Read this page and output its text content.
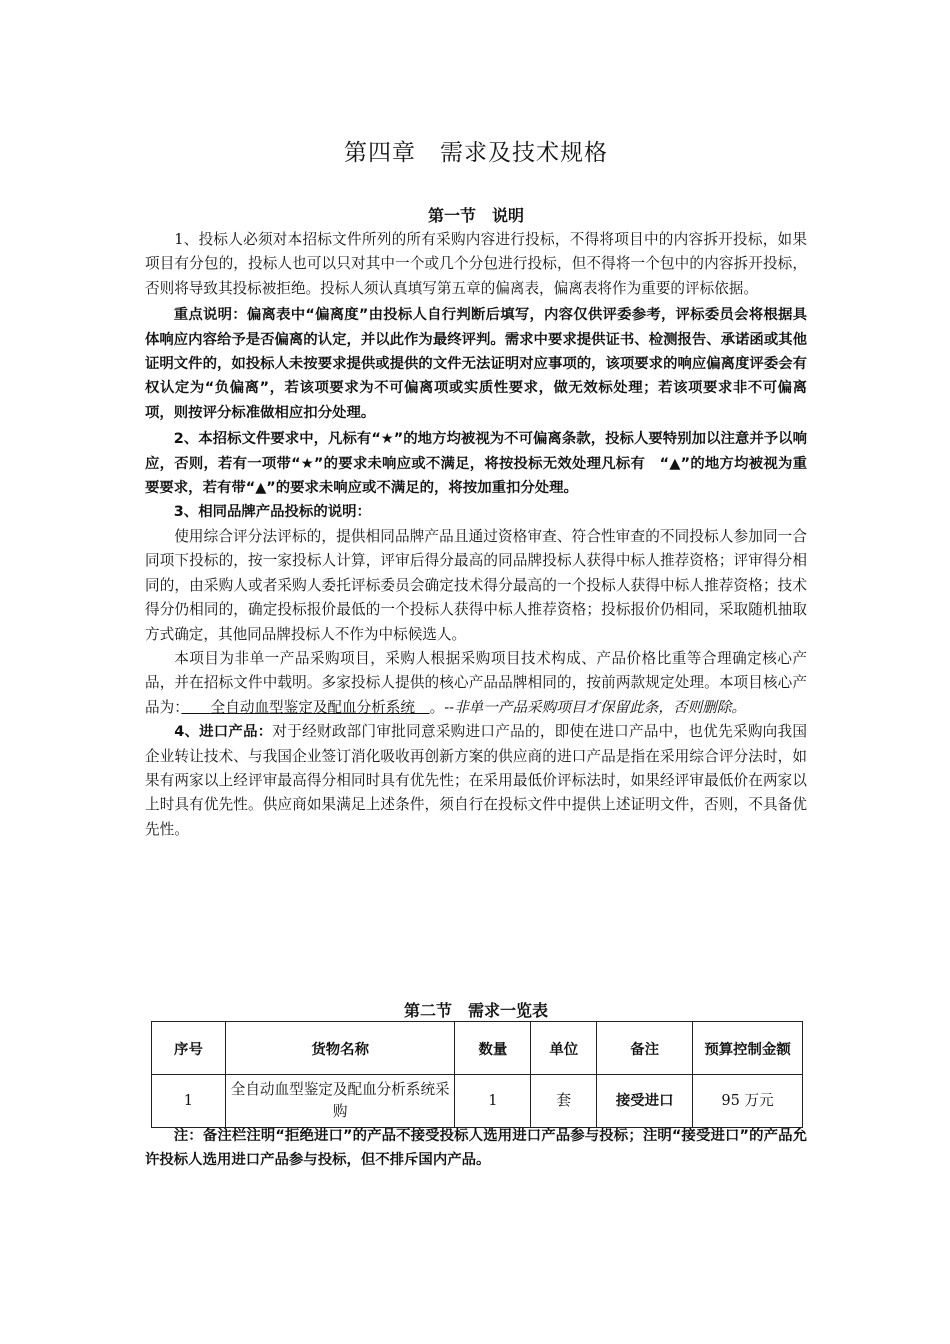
第四章　需求及技术规格
第一节　说明

1、投标人必须对本招标文件所列的所有采购内容进行投标，不得将项目中的内容拆开投标，如果项目有分包的，投标人也可以只对其中一个或几个分包进行投标，但不得将一个包中的内容拆开投标，否则将导致其投标被拒绝。投标人须认真填写第五章的偏离表，偏离表将作为重要的评标依据。

重点说明：偏离表中“偏离度”由投标人自行判断后填写，内容仅供评委参考，评标委员会将根据具体响应内容给予是否偏离的认定，并以此作为最终评判。需求中要求提供证书、检测报告、承诺函或其他证明文件的，如投标人未按要求提供或提供的文件无法证明对应事项的，该项要求的响应偏离度评委会有权认定为“负偏离”，若该项要求为不可偏离项或实质性要求，做无效标处理；若该项要求非不可偏离项，则按评分标准做相应扣分处理。

2、本招标文件要求中，凡标有“★”的地方均被视为不可偏离条款，投标人要特别加以注意并予以响应，否则，若有一项带“★”的要求未响应或不满足，将按投标无效处理凡标有　“▲”的地方均被视为重要要求，若有带“▲”的要求未响应或不满足的，将按加重扣分处理。

3、相同品牌产品投标的说明：

使用综合评分法评标的，提供相同品牌产品且通过资格审查、符合性审查的不同投标人参加同一合同项下投标的，按一家投标人计算，评审后得分最高的同品牌投标人获得中标人推荐资格；评审得分相同的，由采购人或者采购人委托评标委员会确定技术得分最高的一个投标人获得中标人推荐资格；技术得分仍相同的，确定投标报价最低的一个投标人获得中标人推荐资格；投标报价仍相同，采取随机抽取方式确定，其他同品牌投标人不作为中标候选人。

本项目为非单一产品采购项目，采购人根据采购项目技术构成、产品价格比重等合理确定核心产品，并在招标文件中载明。多家投标人提供的核心产品品牌相同的，按前两款规定处理。本项目核心产品为：　　全自动血型鉴定及配血分析系统　。--非单一产品采购项目才保留此条，否则删除。

4、进口产品：对于经财政部门审批同意采购进口产品的，即使在进口产品中，也优先采购向我国企业转让技术、与我国企业签订消化吸收再创新方案的供应商的进口产品是指在采用综合评分法时，如果有两家以上经评审最高得分相同时具有优先性；在采用最低价评标法时，如果经评审最低价在两家以上时具有优先性。供应商如果满足上述条件，须自行在投标文件中提供上述证明文件，否则，不具备优先性。

第二节　需求一览表
序号	货物名称	数量	单位	备注	预算控制金额
1	全自动血型鉴定及配血分析系统采购	1	套	接受进口	95 万元

注：备注栏注明“拒绝进口”的产品不接受投标人选用进口产品参与投标；注明“接受进口”的产品允许投标人选用进口产品参与投标，但不排斥国内产品。
